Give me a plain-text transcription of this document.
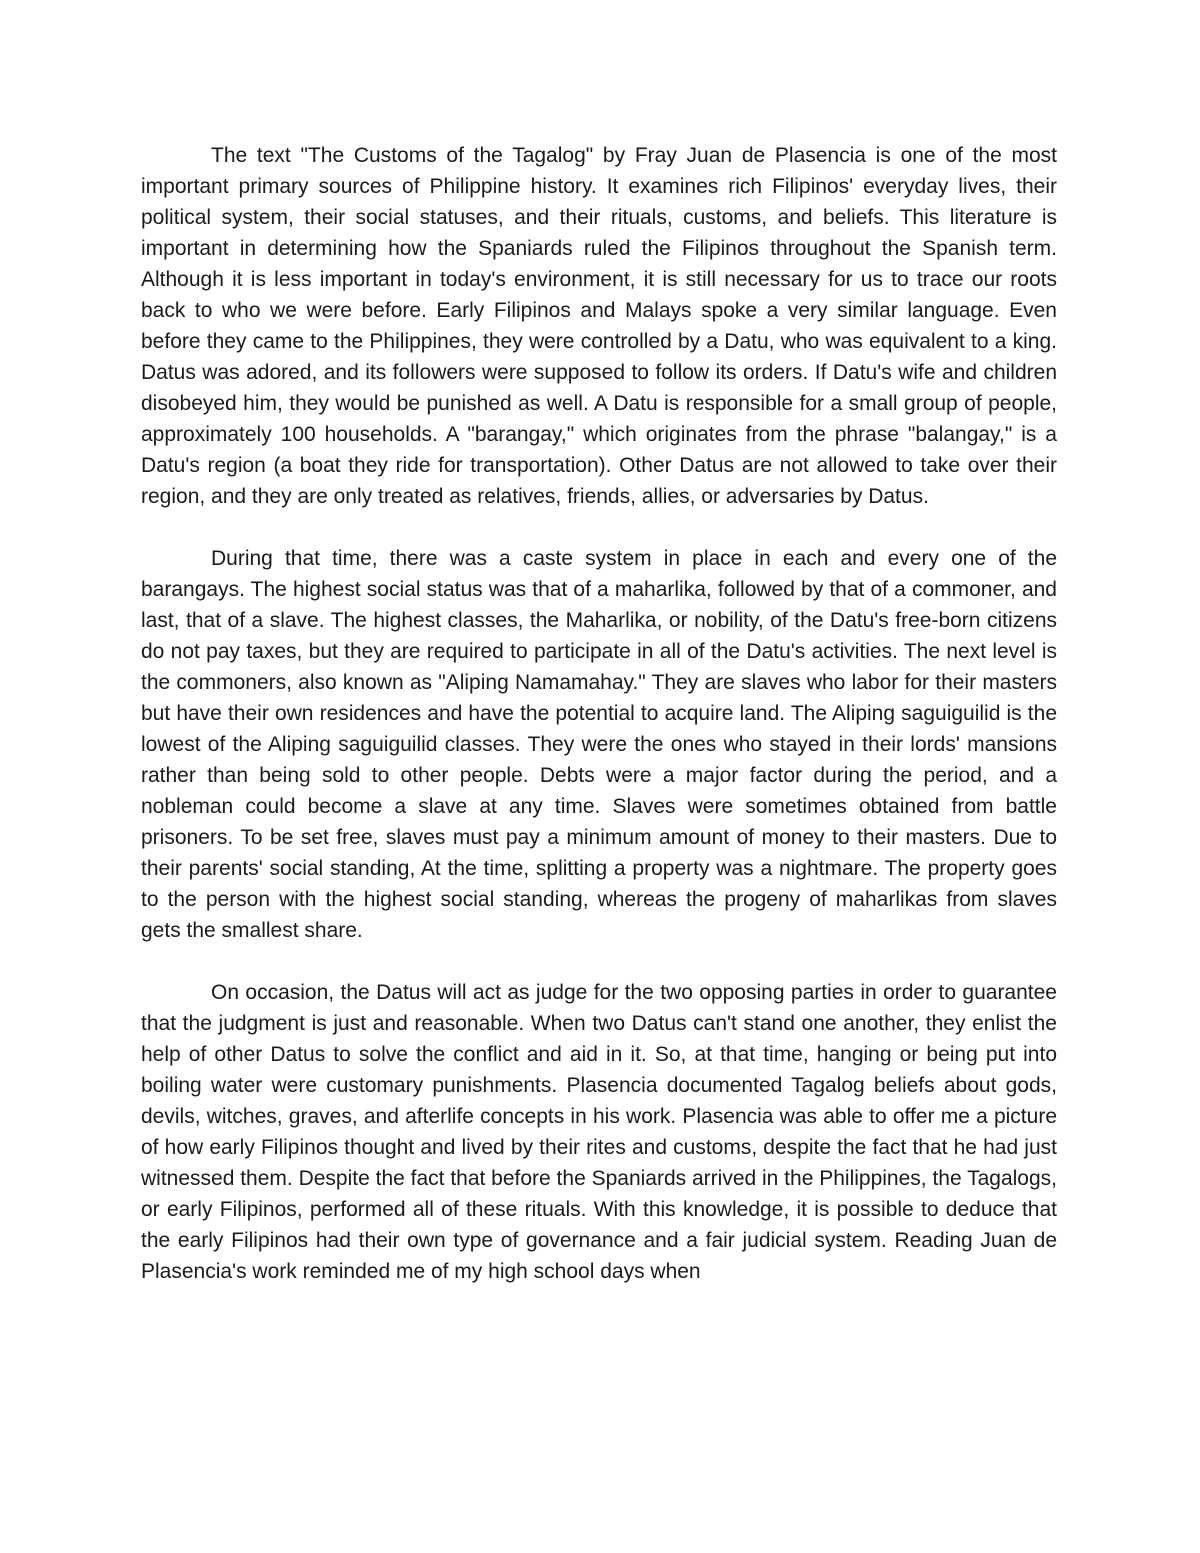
The text "The Customs of the Tagalog" by Fray Juan de Plasencia is one of the most important primary sources of Philippine history. It examines rich Filipinos' everyday lives, their political system, their social statuses, and their rituals, customs, and beliefs. This literature is important in determining how the Spaniards ruled the Filipinos throughout the Spanish term. Although it is less important in today's environment, it is still necessary for us to trace our roots back to who we were before. Early Filipinos and Malays spoke a very similar language. Even before they came to the Philippines, they were controlled by a Datu, who was equivalent to a king. Datus was adored, and its followers were supposed to follow its orders. If Datu's wife and children disobeyed him, they would be punished as well. A Datu is responsible for a small group of people, approximately 100 households. A "barangay," which originates from the phrase "balangay," is a Datu's region (a boat they ride for transportation). Other Datus are not allowed to take over their region, and they are only treated as relatives, friends, allies, or adversaries by Datus.

During that time, there was a caste system in place in each and every one of the barangays. The highest social status was that of a maharlika, followed by that of a commoner, and last, that of a slave. The highest classes, the Maharlika, or nobility, of the Datu's free-born citizens do not pay taxes, but they are required to participate in all of the Datu's activities. The next level is the commoners, also known as "Aliping Namamahay." They are slaves who labor for their masters but have their own residences and have the potential to acquire land. The Aliping saguiguilid is the lowest of the Aliping saguiguilid classes. They were the ones who stayed in their lords' mansions rather than being sold to other people. Debts were a major factor during the period, and a nobleman could become a slave at any time. Slaves were sometimes obtained from battle prisoners. To be set free, slaves must pay a minimum amount of money to their masters. Due to their parents' social standing, At the time, splitting a property was a nightmare. The property goes to the person with the highest social standing, whereas the progeny of maharlikas from slaves gets the smallest share.

On occasion, the Datus will act as judge for the two opposing parties in order to guarantee that the judgment is just and reasonable. When two Datus can't stand one another, they enlist the help of other Datus to solve the conflict and aid in it. So, at that time, hanging or being put into boiling water were customary punishments. Plasencia documented Tagalog beliefs about gods, devils, witches, graves, and afterlife concepts in his work. Plasencia was able to offer me a picture of how early Filipinos thought and lived by their rites and customs, despite the fact that he had just witnessed them. Despite the fact that before the Spaniards arrived in the Philippines, the Tagalogs, or early Filipinos, performed all of these rituals. With this knowledge, it is possible to deduce that the early Filipinos had their own type of governance and a fair judicial system. Reading Juan de Plasencia's work reminded me of my high school days when
